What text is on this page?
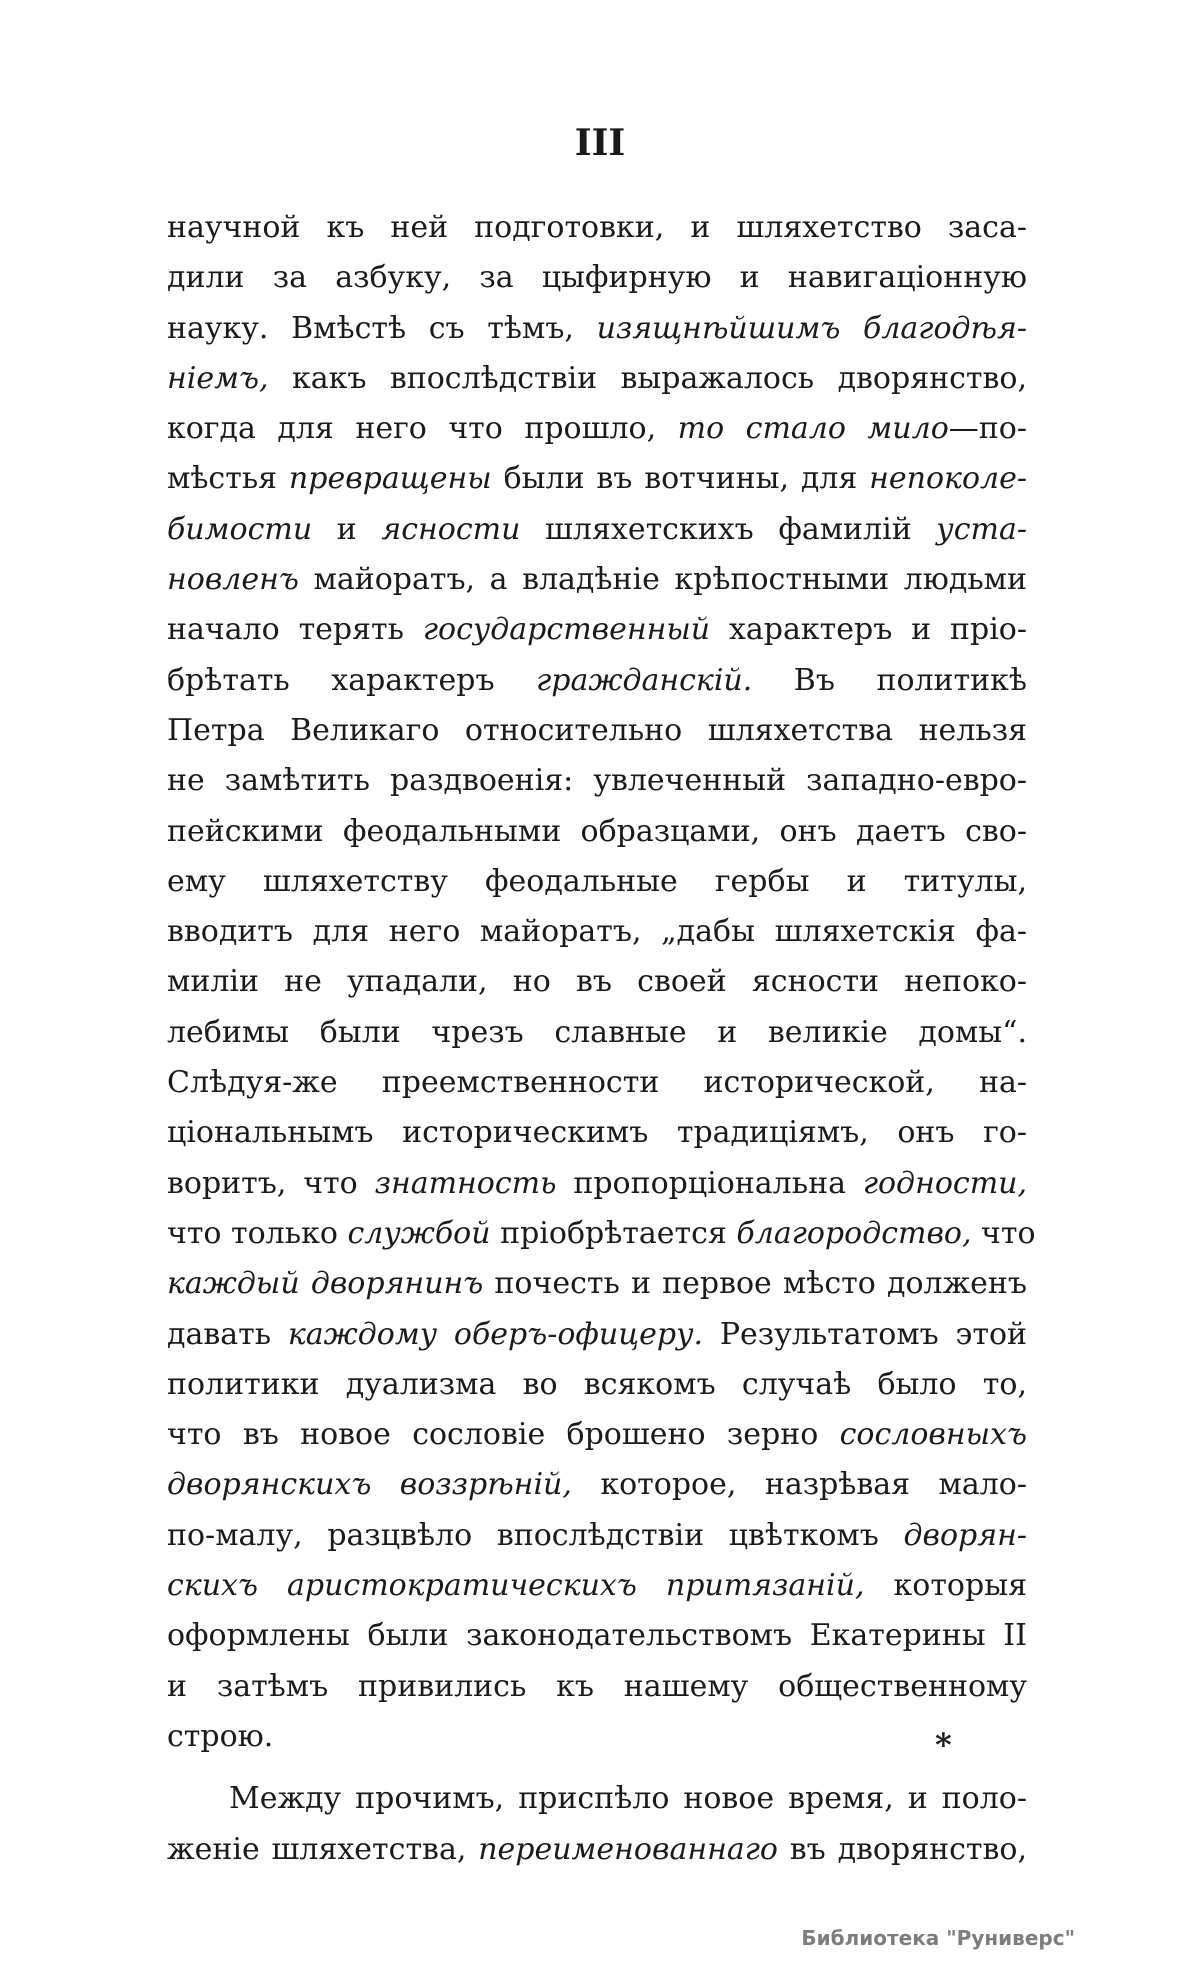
III
научной къ ней подготовки, и шляхетство заса-
дили за азбуку, за цыфирную и навигаціонную
науку. Вмѣстѣ съ тѣмъ, изящнѣйшимъ благодѣя-
ніемъ, какъ впослѣдствіи выражалось дворянство,
когда для него что прошло, то стало мило—по-
мѣстья превращены были въ вотчины, для непоколе-
бимости и ясности шляхетскихъ фамилій уста-
новленъ майоратъ, а владѣніе крѣпостными людьми
начало терять государственный характеръ и пріо-
брѣтать характеръ гражданскій. Въ политикѣ
Петра Великаго относительно шляхетства нельзя
не замѣтить раздвоенія: увлеченный западно-евро-
пейскими феодальными образцами, онъ даетъ сво-
ему шляхетству феодальные гербы и титулы,
вводитъ для него майоратъ, „дабы шляхетскія фа-
миліи не упадали, но въ своей ясности непоко-
лебимы были чрезъ славные и великіе домы“.
Слѣдуя-же преемственности исторической, на-
ціональнымъ историческимъ традиціямъ, онъ го-
воритъ, что знатность пропорціональна годности,
что только службой пріобрѣтается благородство, что
каждый дворянинъ почесть и первое мѣсто долженъ
давать каждому оберъ-офицеру. Результатомъ этой
политики дуализма во всякомъ случаѣ было то,
что въ новое сословіе брошено зерно сословныхъ
дворянскихъ воззрѣній, которое, назрѣвая мало-
по-малу, разцвѣло впослѣдствіи цвѣткомъ дворян-
скихъ аристократическихъ притязаній, которыя
оформлены были законодательствомъ Екатерины II
и затѣмъ привились къ нашему общественному
строю.
Между прочимъ, приспѣло новое время, и поло-
женіе шляхетства, переименованнаго въ дворянство,
*
Библиотека "Руниверс"
